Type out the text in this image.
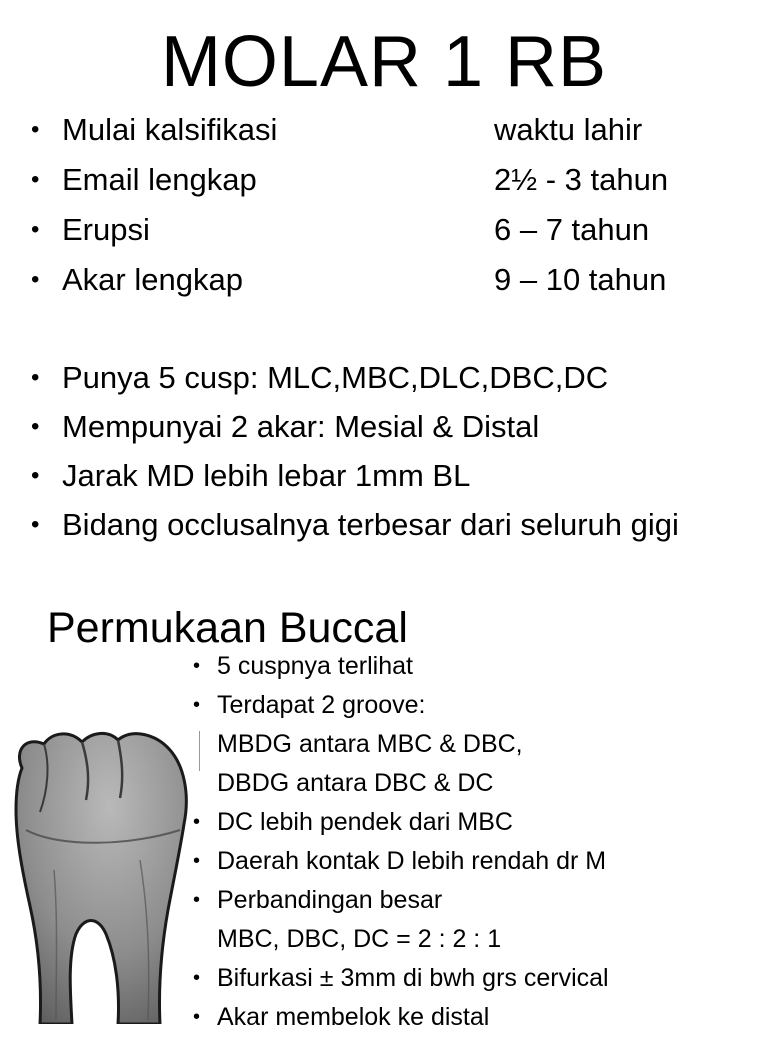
MOLAR 1 RB
• Mulai kalsifikasi	waktu lahir
• Email lengkap	2½ - 3 tahun
• Erupsi	6 – 7 tahun
• Akar lengkap	9 – 10 tahun
• Punya 5 cusp: MLC,MBC,DLC,DBC,DC
• Mempunyai 2 akar: Mesial & Distal
• Jarak MD lebih lebar 1mm BL
• Bidang occlusalnya terbesar dari seluruh gigi
Permukaan Buccal
• 5 cuspnya terlihat
• Terdapat 2 groove:
MBDG antara MBC & DBC,
DBDG antara DBC & DC
• DC lebih pendek dari MBC
• Daerah kontak D lebih rendah dr M
• Perbandingan besar
MBC, DBC, DC = 2 : 2 : 1
• Bifurkasi ± 3mm di bwh grs cervical
• Akar membelok ke distal
